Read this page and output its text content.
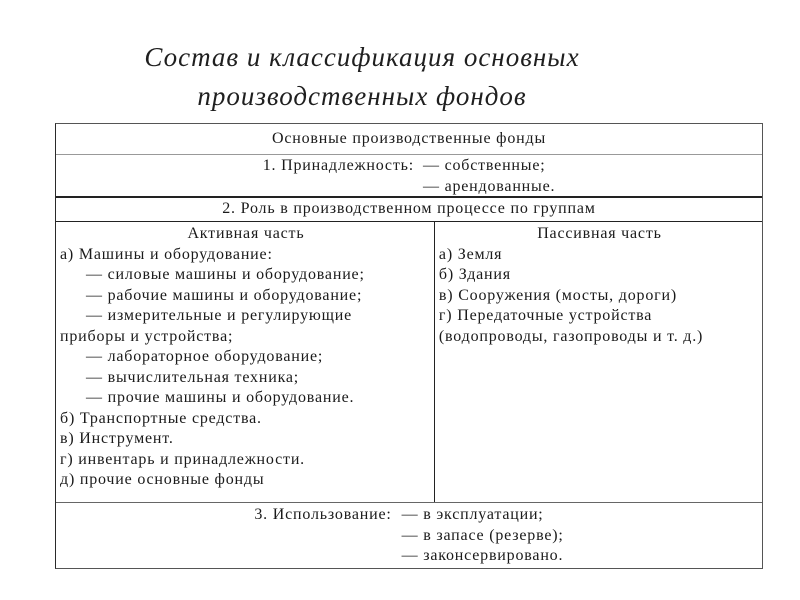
Состав и классификация основных
производственных фондов
Основные производственные фонды
1. Принадлежность: — собственные;
— арендованные.
2. Роль в производственном процессе по группам
Активная часть
а) Машины и оборудование:
— силовые машины и оборудование;
— рабочие машины и оборудование;
— измерительные и регулирующие
приборы и устройства;
— лабораторное оборудование;
— вычислительная техника;
— прочие машины и оборудование.
б) Транспортные средства.
в) Инструмент.
г) инвентарь и принадлежности.
д) прочие основные фонды
Пассивная часть
а) Земля
б) Здания
в) Сооружения (мосты, дороги)
г) Передаточные устройства
(водопроводы, газопроводы и т. д.)
3. Использование: — в эксплуатации;
— в запасе (резерве);
— законсервировано.
